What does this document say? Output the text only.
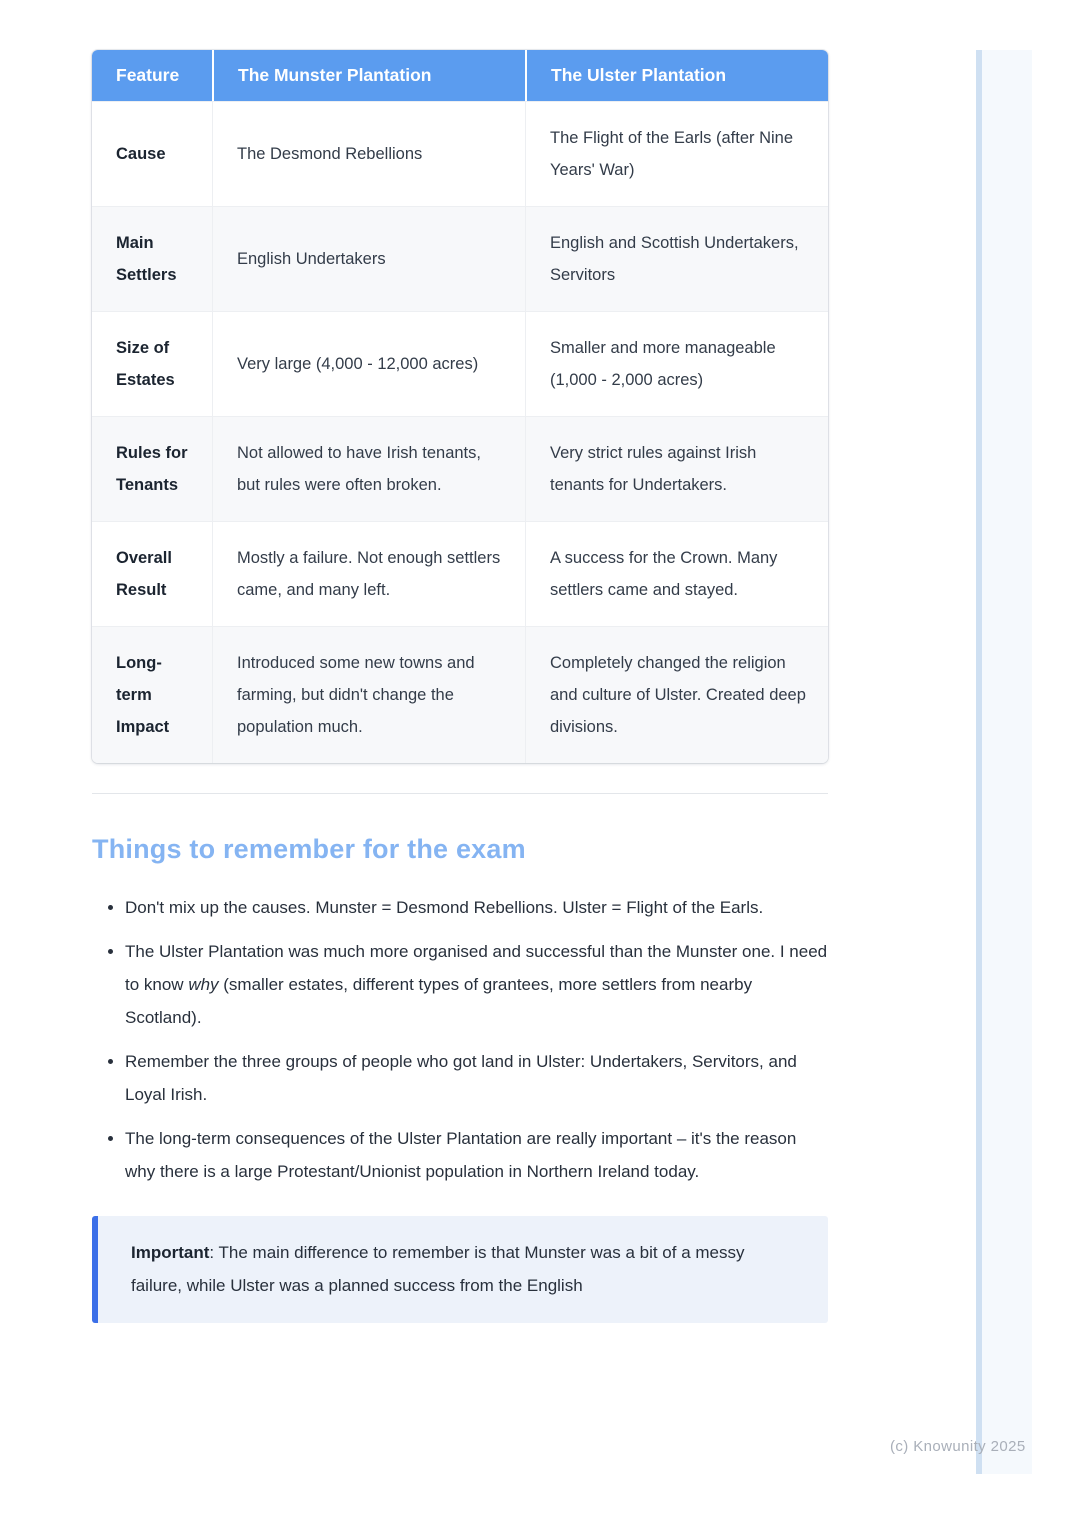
(c) Knowunity 2025
Feature	The Munster Plantation	The Ulster Plantation
Cause	The Desmond Rebellions	The Flight of the Earls (after Nine Years' War)
Main Settlers	English Undertakers	English and Scottish Undertakers, Servitors
Size of Estates	Very large (4,000 - 12,000 acres)	Smaller and more manageable (1,000 - 2,000 acres)
Rules for Tenants	Not allowed to have Irish tenants, but rules were often broken.	Very strict rules against Irish tenants for Undertakers.
Overall Result	Mostly a failure. Not enough settlers came, and many left.	A success for the Crown. Many settlers came and stayed.
Long-term Impact	Introduced some new towns and farming, but didn't change the population much.	Completely changed the religion and culture of Ulster. Created deep divisions.
Things to remember for the exam
• Don't mix up the causes. Munster = Desmond Rebellions. Ulster = Flight of the Earls.
• The Ulster Plantation was much more organised and successful than the Munster one. I need to know why (smaller estates, different types of grantees, more settlers from nearby Scotland).
• Remember the three groups of people who got land in Ulster: Undertakers, Servitors, and Loyal Irish.
• The long-term consequences of the Ulster Plantation are really important – it's the reason why there is a large Protestant/Unionist population in Northern Ireland today.
Important: The main difference to remember is that Munster was a bit of a messy failure, while Ulster was a planned success from the English
